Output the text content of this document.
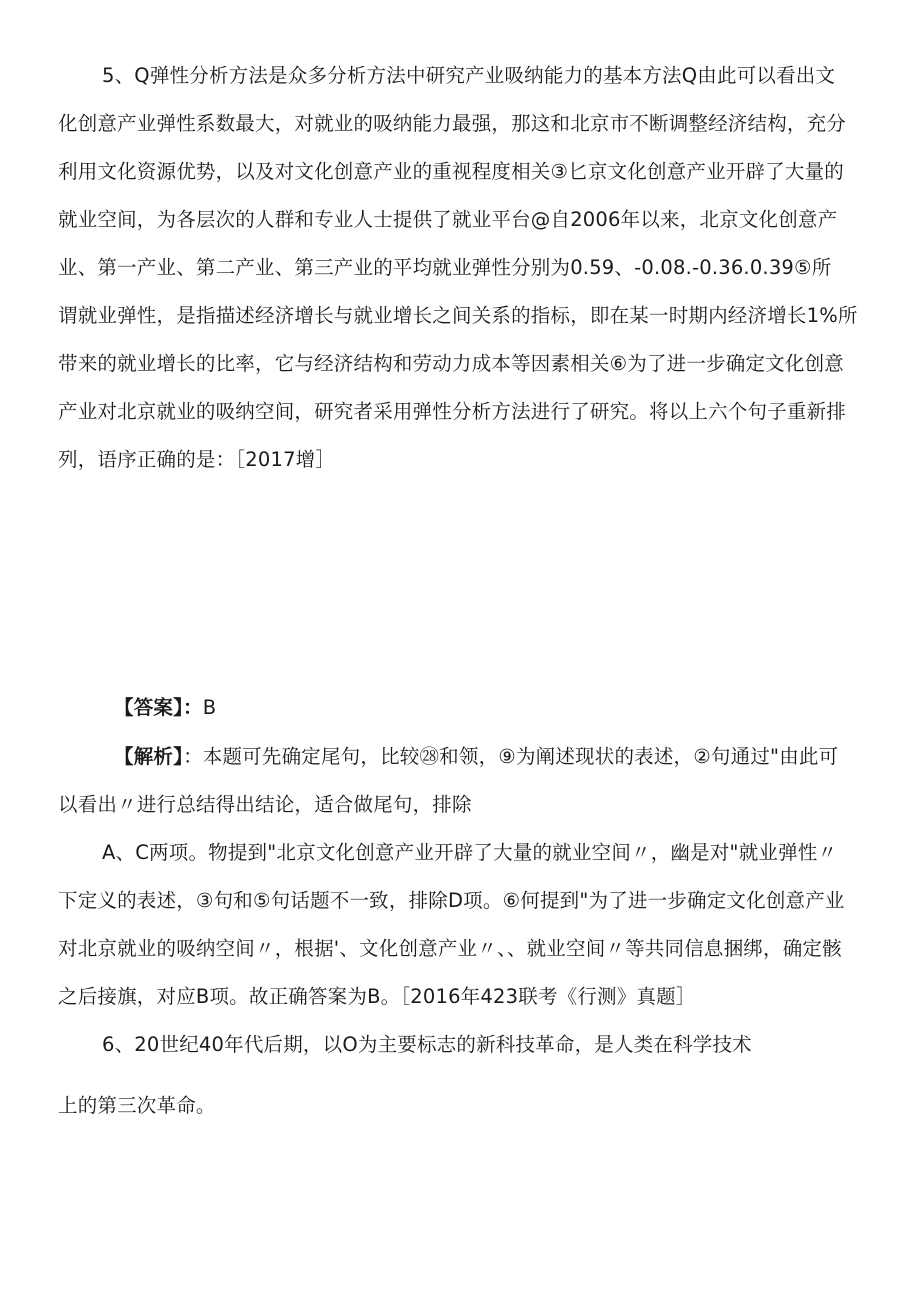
5、Q弹性分析方法是众多分析方法中研究产业吸纳能力的基本方法Q由此可以看出文
化创意产业弹性系数最大，对就业的吸纳能力最强，那这和北京市不断调整经济结构，充分
利用文化资源优势，以及对文化创意产业的重视程度相关③匕京文化创意产业开辟了大量的
就业空间，为各层次的人群和专业人士提供了就业平台@自2006年以来，北京文化创意产
业、第一产业、第二产业、第三产业的平均就业弹性分别为0.59、-0.08.-0.36.0.39⑤所
谓就业弹性，是指描述经济增长与就业增长之间关系的指标，即在某一时期内经济增长1%所
带来的就业增长的比率，它与经济结构和劳动力成本等因素相关⑥为了进一步确定文化创意
产业对北京就业的吸纳空间，研究者采用弹性分析方法进行了研究。将以上六个句子重新排
列，语序正确的是：［2017增］
【答案】：B
【解析】：本题可先确定尾句，比较㉘和领，⑨为阐述现状的表述，②句通过"由此可
以看出〃进行总结得出结论，适合做尾句，排除
A、C两项。物提到"北京文化创意产业开辟了大量的就业空间〃，幽是对"就业弹性〃
下定义的表述，③句和⑤句话题不一致，排除D项。⑥何提到"为了进一步确定文化创意产业
对北京就业的吸纳空间〃，根据'、文化创意产业〃、、就业空间〃等共同信息捆绑，确定骸
之后接旗，对应B项。故正确答案为B。［2016年423联考《行测》真题］
6、20世纪40年代后期，以O为主要标志的新科技革命，是人类在科学技术
上的第三次革命。
